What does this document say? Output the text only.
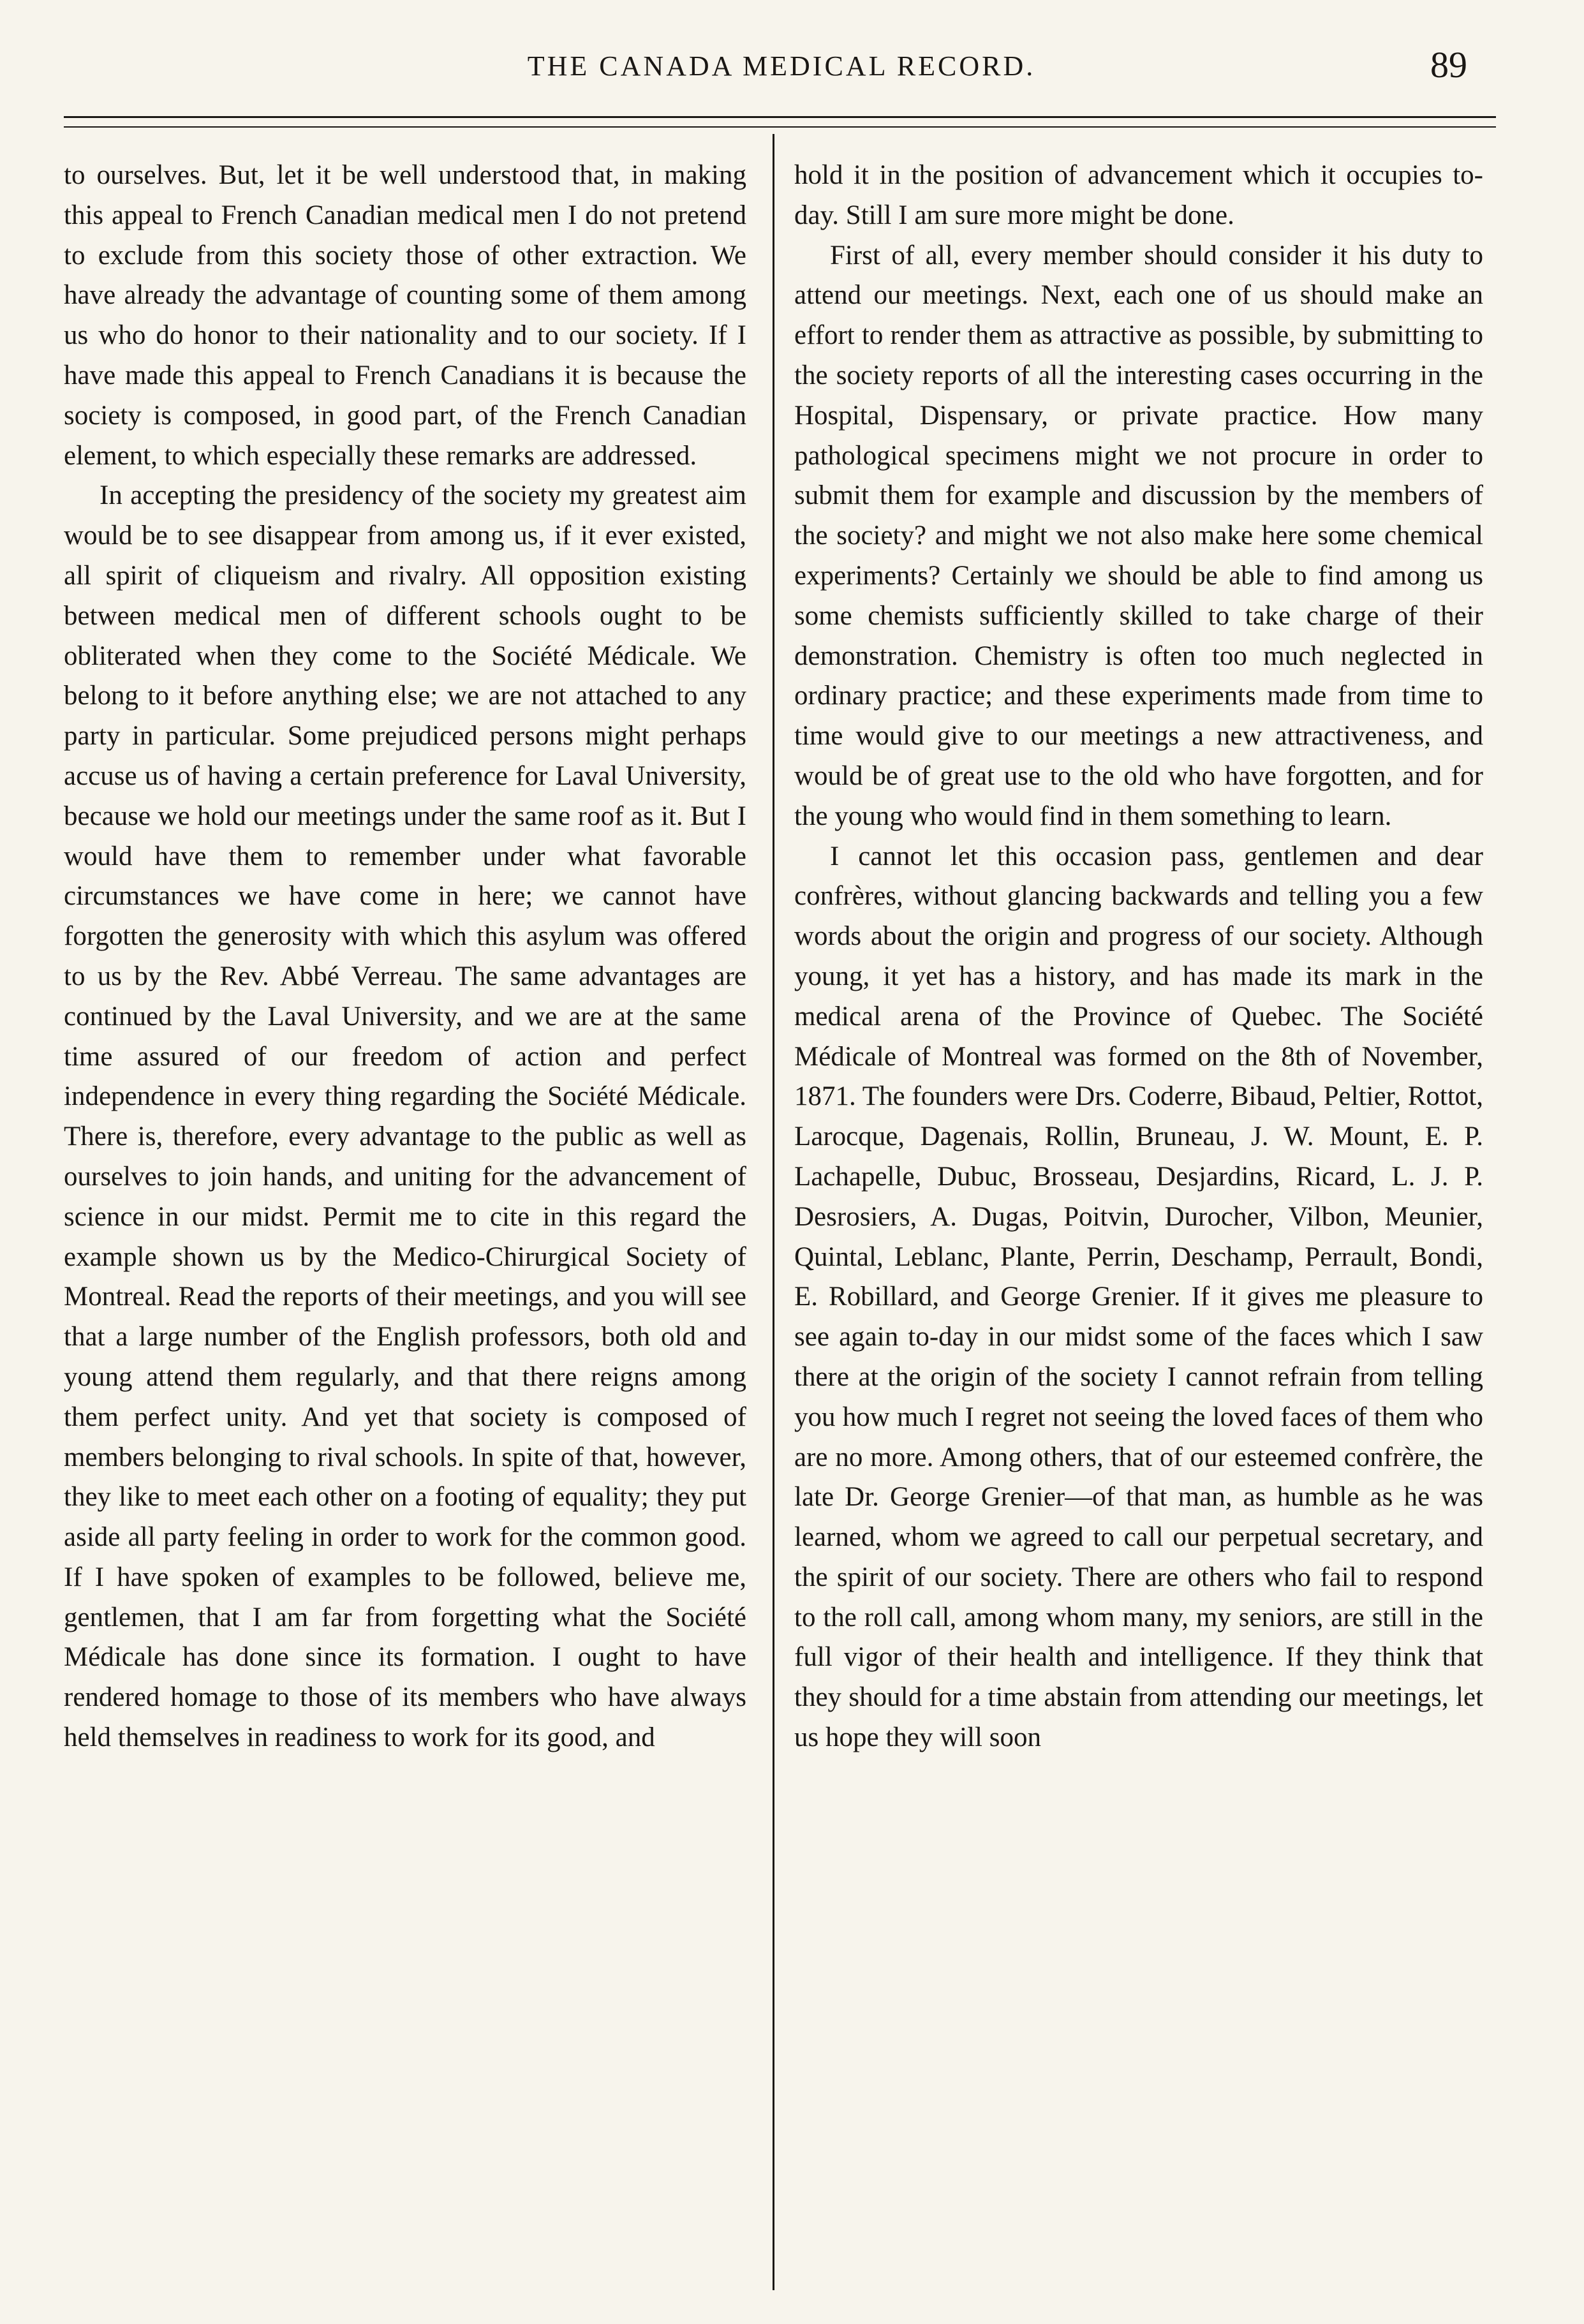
THE CANADA MEDICAL RECORD.	89

to ourselves. But, let it be well understood that, in making this appeal to French Canadian medical men I do not pretend to exclude from this society those of other extraction. We have already the advantage of counting some of them among us who do honor to their nationality and to our society. If I have made this appeal to French Canadians it is because the society is composed, in good part, of the French Canadian element, to which especially these remarks are addressed.

In accepting the presidency of the society my greatest aim would be to see disappear from among us, if it ever existed, all spirit of cliqueism and rivalry. All opposition existing between medical men of different schools ought to be obliterated when they come to the Société Médicale. We belong to it before anything else; we are not attached to any party in particular. Some prejudiced persons might perhaps accuse us of having a certain preference for Laval University, because we hold our meetings under the same roof as it. But I would have them to remember under what favorable circumstances we have come in here; we cannot have forgotten the generosity with which this asylum was offered to us by the Rev. Abbé Verreau. The same advantages are continued by the Laval University, and we are at the same time assured of our freedom of action and perfect independence in every thing regarding the Société Médicale. There is, therefore, every advantage to the public as well as ourselves to join hands, and uniting for the advancement of science in our midst. Permit me to cite in this regard the example shown us by the Medico-Chirurgical Society of Montreal. Read the reports of their meetings, and you will see that a large number of the English professors, both old and young attend them regularly, and that there reigns among them perfect unity. And yet that society is composed of members belonging to rival schools. In spite of that, however, they like to meet each other on a footing of equality; they put aside all party feeling in order to work for the common good. If I have spoken of examples to be followed, believe me, gentlemen, that I am far from forgetting what the Société Médicale has done since its formation. I ought to have rendered homage to those of its members who have always held themselves in readiness to work for its good, and

hold it in the position of advancement which it occupies to-day. Still I am sure more might be done.

First of all, every member should consider it his duty to attend our meetings. Next, each one of us should make an effort to render them as attractive as possible, by submitting to the society reports of all the interesting cases occurring in the Hospital, Dispensary, or private practice. How many pathological specimens might we not procure in order to submit them for example and discussion by the members of the society? and might we not also make here some chemical experiments? Certainly we should be able to find among us some chemists sufficiently skilled to take charge of their demonstration. Chemistry is often too much neglected in ordinary practice; and these experiments made from time to time would give to our meetings a new attractiveness, and would be of great use to the old who have forgotten, and for the young who would find in them something to learn.

I cannot let this occasion pass, gentlemen and dear confrères, without glancing backwards and telling you a few words about the origin and progress of our society. Although young, it yet has a history, and has made its mark in the medical arena of the Province of Quebec. The Société Médicale of Montreal was formed on the 8th of November, 1871. The founders were Drs. Coderre, Bibaud, Peltier, Rottot, Larocque, Dagenais, Rollin, Bruneau, J. W. Mount, E. P. Lachapelle, Dubuc, Brosseau, Desjardins, Ricard, L. J. P. Desrosiers, A. Dugas, Poitvin, Durocher, Vilbon, Meunier, Quintal, Leblanc, Plante, Perrin, Deschamp, Perrault, Bondi, E. Robillard, and George Grenier. If it gives me pleasure to see again to-day in our midst some of the faces which I saw there at the origin of the society I cannot refrain from telling you how much I regret not seeing the loved faces of them who are no more. Among others, that of our esteemed confrère, the late Dr. George Grenier—of that man, as humble as he was learned, whom we agreed to call our perpetual secretary, and the spirit of our society. There are others who fail to respond to the roll call, among whom many, my seniors, are still in the full vigor of their health and intelligence. If they think that they should for a time abstain from attending our meetings, let us hope they will soon
